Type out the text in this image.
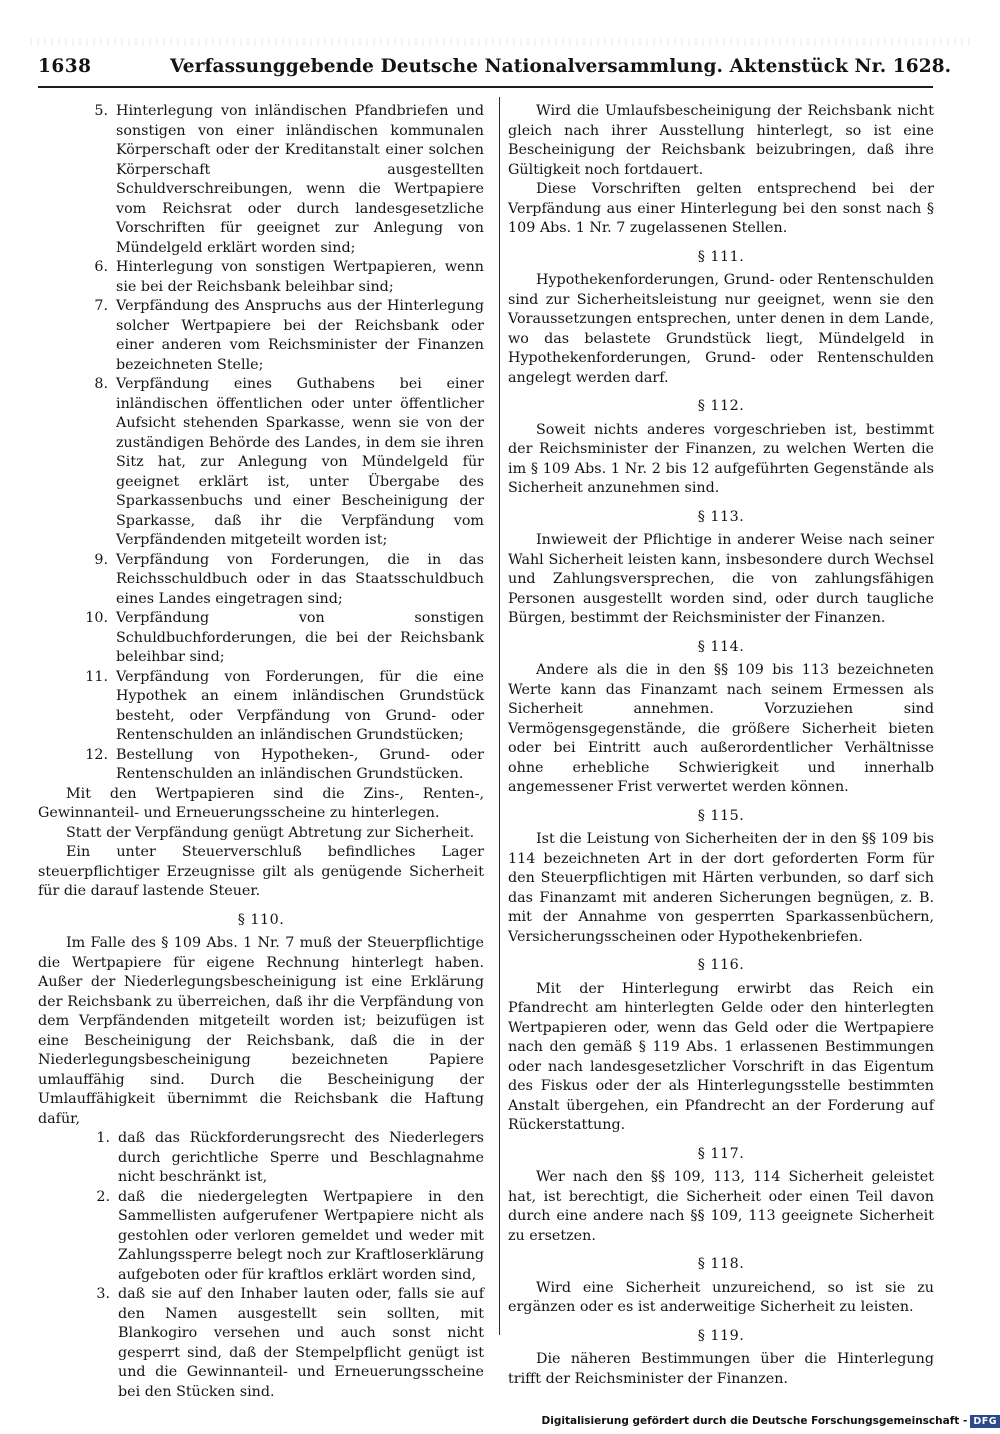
1638	Verfassunggebende Deutsche Nationalversammlung. Aktenstück Nr. 1628.
5. Hinterlegung von inländischen Pfandbriefen und sonstigen von einer inländischen kommunalen Körperschaft oder der Kreditanstalt einer solchen Körperschaft ausgestellten Schuldverschreibungen, wenn die Wertpapiere vom Reichsrat oder durch landesgesetzliche Vorschriften für geeignet zur Anlegung von Mündelgeld erklärt worden sind;
6. Hinterlegung von sonstigen Wertpapieren, wenn sie bei der Reichsbank beleihbar sind;
7. Verpfändung des Anspruchs aus der Hinterlegung solcher Wertpapiere bei der Reichsbank oder einer anderen vom Reichsminister der Finanzen bezeichneten Stelle;
8. Verpfändung eines Guthabens bei einer inländischen öffentlichen oder unter öffentlicher Aufsicht stehenden Sparkasse, wenn sie von der zuständigen Behörde des Landes, in dem sie ihren Sitz hat, zur Anlegung von Mündelgeld für geeignet erklärt ist, unter Übergabe des Sparkassenbuchs und einer Bescheinigung der Sparkasse, daß ihr die Verpfändung vom Verpfändenden mitgeteilt worden ist;
9. Verpfändung von Forderungen, die in das Reichsschuldbuch oder in das Staatsschuldbuch eines Landes eingetragen sind;
10. Verpfändung von sonstigen Schuldbuchforderungen, die bei der Reichsbank beleihbar sind;
11. Verpfändung von Forderungen, für die eine Hypothek an einem inländischen Grundstück besteht, oder Verpfändung von Grund- oder Rentenschulden an inländischen Grundstücken;
12. Bestellung von Hypotheken-, Grund- oder Rentenschulden an inländischen Grundstücken.

Mit den Wertpapieren sind die Zins-, Renten-, Gewinnanteil- und Erneuerungsscheine zu hinterlegen.

Statt der Verpfändung genügt Abtretung zur Sicherheit.

Ein unter Steuerverschluß befindliches Lager steuerpflichtiger Erzeugnisse gilt als genügende Sicherheit für die darauf lastende Steuer.

§ 110.

Im Falle des § 109 Abs. 1 Nr. 7 muß der Steuerpflichtige die Wertpapiere für eigene Rechnung hinterlegt haben. Außer der Niederlegungsbescheinigung ist eine Erklärung der Reichsbank zu überreichen, daß ihr die Verpfändung von dem Verpfändenden mitgeteilt worden ist; beizufügen ist eine Bescheinigung der Reichsbank, daß die in der Niederlegungsbescheinigung bezeichneten Papiere umlauffähig sind. Durch die Bescheinigung der Umlauffähigkeit übernimmt die Reichsbank die Haftung dafür,

1. daß das Rückforderungsrecht des Niederlegers durch gerichtliche Sperre und Beschlagnahme nicht beschränkt ist,
2. daß die niedergelegten Wertpapiere in den Sammellisten aufgerufener Wertpapiere nicht als gestohlen oder verloren gemeldet und weder mit Zahlungssperre belegt noch zur Kraftloserklärung aufgeboten oder für kraftlos erklärt worden sind,
3. daß sie auf den Inhaber lauten oder, falls sie auf den Namen ausgestellt sein sollten, mit Blankogiro versehen und auch sonst nicht gesperrt sind, daß der Stempelpflicht genügt ist und die Gewinnanteil- und Erneuerungsscheine bei den Stücken sind.

Wird die Umlaufsbescheinigung der Reichsbank nicht gleich nach ihrer Ausstellung hinterlegt, so ist eine Bescheinigung der Reichsbank beizubringen, daß ihre Gültigkeit noch fortdauert.

Diese Vorschriften gelten entsprechend bei der Verpfändung aus einer Hinterlegung bei den sonst nach § 109 Abs. 1 Nr. 7 zugelassenen Stellen.

§ 111.

Hypothekenforderungen, Grund- oder Rentenschulden sind zur Sicherheitsleistung nur geeignet, wenn sie den Voraussetzungen entsprechen, unter denen in dem Lande, wo das belastete Grundstück liegt, Mündelgeld in Hypothekenforderungen, Grund- oder Rentenschulden angelegt werden darf.

§ 112.

Soweit nichts anderes vorgeschrieben ist, bestimmt der Reichsminister der Finanzen, zu welchen Werten die im § 109 Abs. 1 Nr. 2 bis 12 aufgeführten Gegenstände als Sicherheit anzunehmen sind.

§ 113.

Inwieweit der Pflichtige in anderer Weise nach seiner Wahl Sicherheit leisten kann, insbesondere durch Wechsel und Zahlungsversprechen, die von zahlungsfähigen Personen ausgestellt worden sind, oder durch taugliche Bürgen, bestimmt der Reichsminister der Finanzen.

§ 114.

Andere als die in den §§ 109 bis 113 bezeichneten Werte kann das Finanzamt nach seinem Ermessen als Sicherheit annehmen. Vorzuziehen sind Vermögensgegenstände, die größere Sicherheit bieten oder bei Eintritt auch außerordentlicher Verhältnisse ohne erhebliche Schwierigkeit und innerhalb angemessener Frist verwertet werden können.

§ 115.

Ist die Leistung von Sicherheiten der in den §§ 109 bis 114 bezeichneten Art in der dort geforderten Form für den Steuerpflichtigen mit Härten verbunden, so darf sich das Finanzamt mit anderen Sicherungen begnügen, z. B. mit der Annahme von gesperrten Sparkassenbüchern, Versicherungsscheinen oder Hypothekenbriefen.

§ 116.

Mit der Hinterlegung erwirbt das Reich ein Pfandrecht am hinterlegten Gelde oder den hinterlegten Wertpapieren oder, wenn das Geld oder die Wertpapiere nach den gemäß § 119 Abs. 1 erlassenen Bestimmungen oder nach landesgesetzlicher Vorschrift in das Eigentum des Fiskus oder der als Hinterlegungsstelle bestimmten Anstalt übergehen, ein Pfandrecht an der Forderung auf Rückerstattung.

§ 117.

Wer nach den §§ 109, 113, 114 Sicherheit geleistet hat, ist berechtigt, die Sicherheit oder einen Teil davon durch eine andere nach §§ 109, 113 geeignete Sicherheit zu ersetzen.

§ 118.

Wird eine Sicherheit unzureichend, so ist sie zu ergänzen oder es ist anderweitige Sicherheit zu leisten.

§ 119.

Die näheren Bestimmungen über die Hinterlegung trifft der Reichsminister der Finanzen.

Digitalisierung gefördert durch die Deutsche Forschungsgemeinschaft - DFG
